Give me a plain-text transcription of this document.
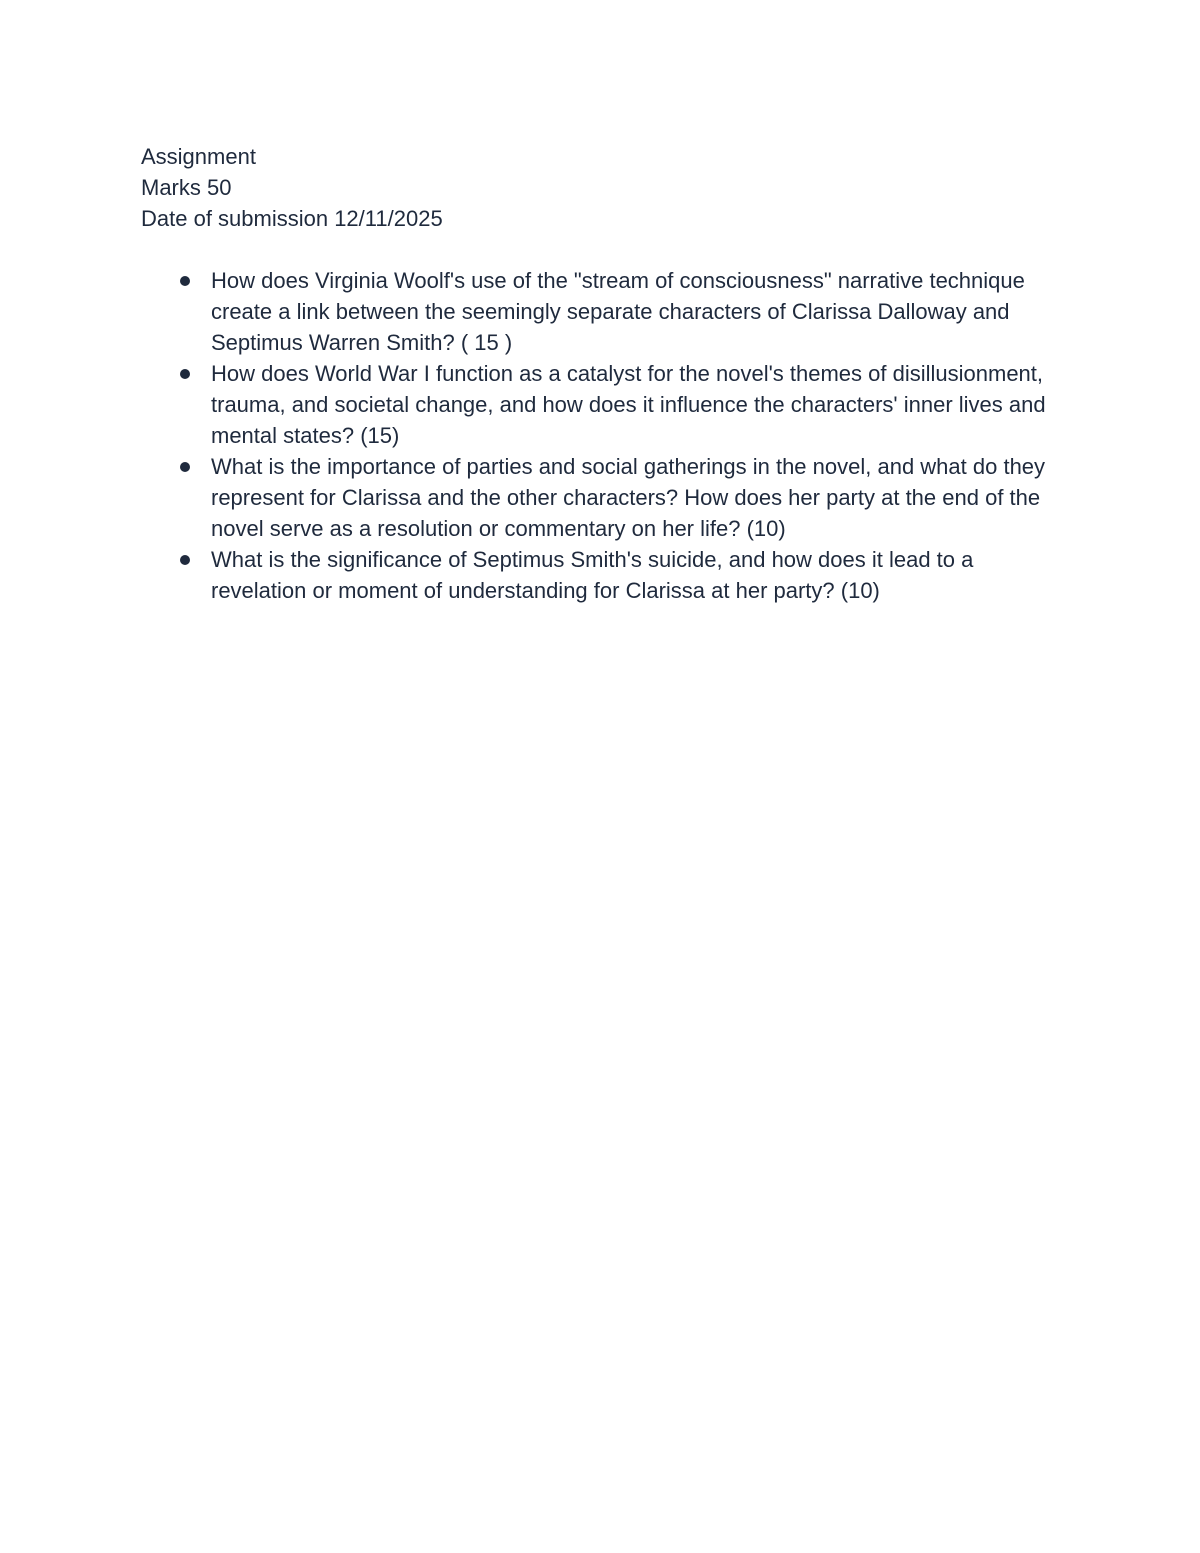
Assignment
Marks 50
Date of submission 12/11/2025
How does Virginia Woolf's use of the "stream of consciousness" narrative technique create a link between the seemingly separate characters of Clarissa Dalloway and Septimus Warren Smith? ( 15 )
How does World War I function as a catalyst for the novel's themes of disillusionment, trauma, and societal change, and how does it influence the characters' inner lives and mental states? (15)
What is the importance of parties and social gatherings in the novel, and what do they represent for Clarissa and the other characters? How does her party at the end of the novel serve as a resolution or commentary on her life? (10)
What is the significance of Septimus Smith's suicide, and how does it lead to a revelation or moment of understanding for Clarissa at her party? (10)
